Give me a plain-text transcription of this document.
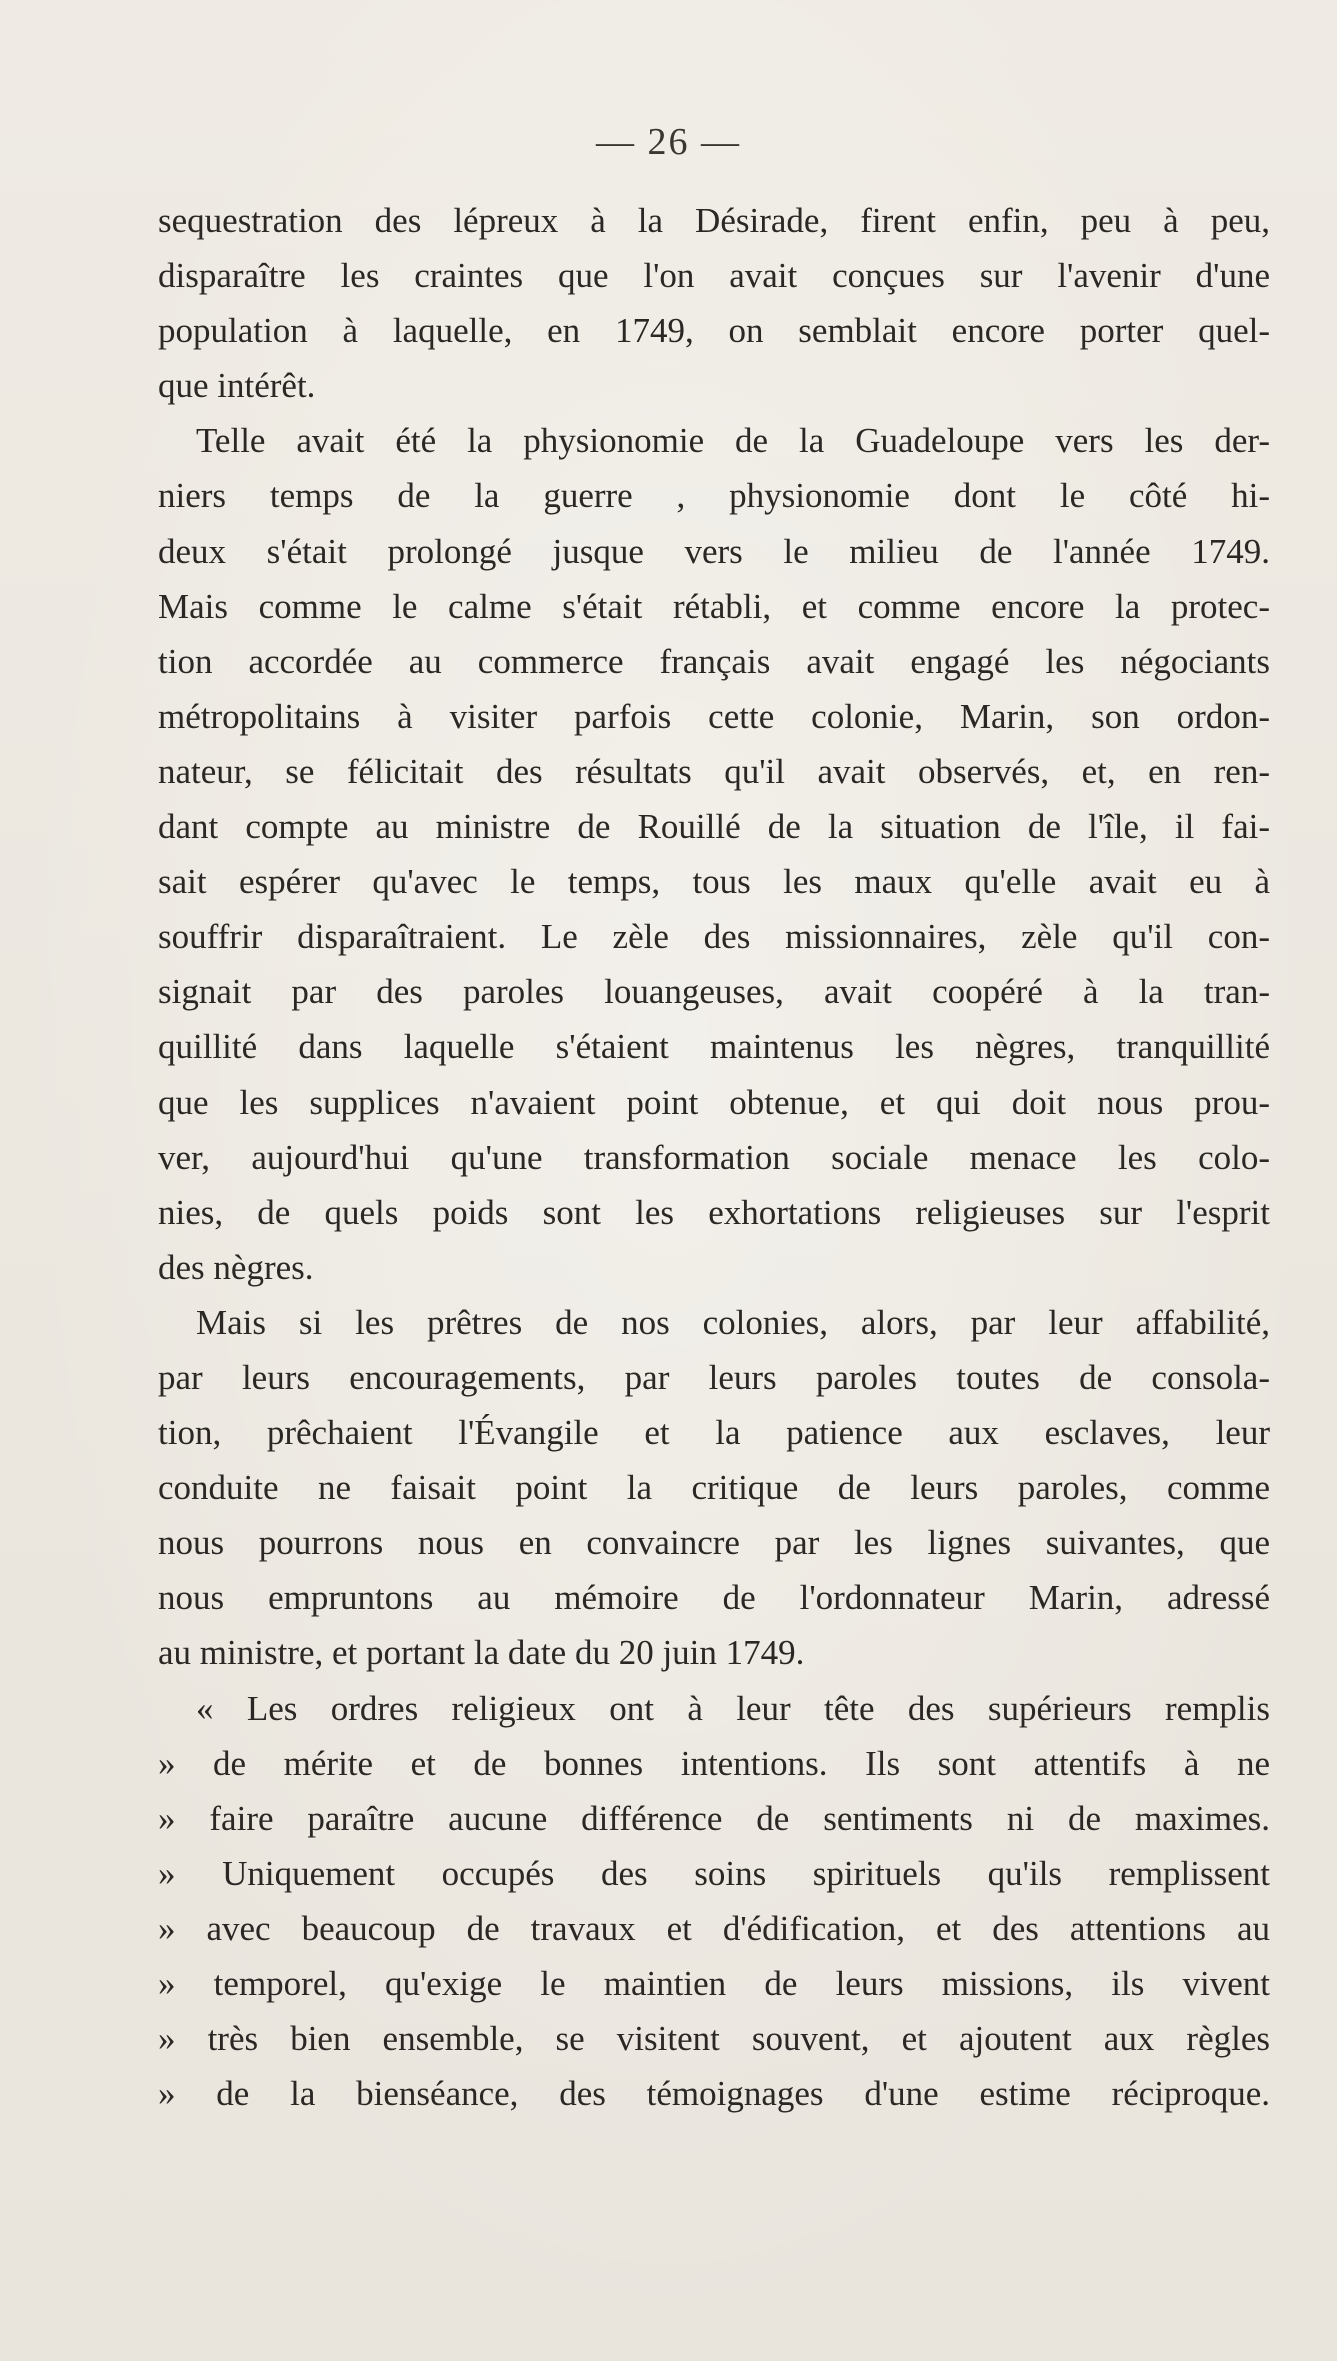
— 26 —
sequestration des lépreux à la Désirade, firent enfin, peu à peu,
disparaître les craintes que l'on avait conçues sur l'avenir d'une
population à laquelle, en 1749, on semblait encore porter quel-
que intérêt.
Telle avait été la physionomie de la Guadeloupe vers les der-
niers temps de la guerre , physionomie dont le côté hi-
deux s'était prolongé jusque vers le milieu de l'année 1749.
Mais comme le calme s'était rétabli, et comme encore la protec-
tion accordée au commerce français avait engagé les négociants
métropolitains à visiter parfois cette colonie, Marin, son ordon-
nateur, se félicitait des résultats qu'il avait observés, et, en ren-
dant compte au ministre de Rouillé de la situation de l'île, il fai-
sait espérer qu'avec le temps, tous les maux qu'elle avait eu à
souffrir disparaîtraient. Le zèle des missionnaires, zèle qu'il con-
signait par des paroles louangeuses, avait coopéré à la tran-
quillité dans laquelle s'étaient maintenus les nègres, tranquillité
que les supplices n'avaient point obtenue, et qui doit nous prou-
ver, aujourd'hui qu'une transformation sociale menace les colo-
nies, de quels poids sont les exhortations religieuses sur l'esprit
des nègres.
Mais si les prêtres de nos colonies, alors, par leur affabilité,
par leurs encouragements, par leurs paroles toutes de consola-
tion, prêchaient l'Évangile et la patience aux esclaves, leur
conduite ne faisait point la critique de leurs paroles, comme
nous pourrons nous en convaincre par les lignes suivantes, que
nous empruntons au mémoire de l'ordonnateur Marin, adressé
au ministre, et portant la date du 20 juin 1749.
« Les ordres religieux ont à leur tête des supérieurs remplis
» de mérite et de bonnes intentions. Ils sont attentifs à ne
» faire paraître aucune différence de sentiments ni de maximes.
» Uniquement occupés des soins spirituels qu'ils remplissent
» avec beaucoup de travaux et d'édification, et des attentions au
» temporel, qu'exige le maintien de leurs missions, ils vivent
» très bien ensemble, se visitent souvent, et ajoutent aux règles
» de la bienséance, des témoignages d'une estime réciproque.
